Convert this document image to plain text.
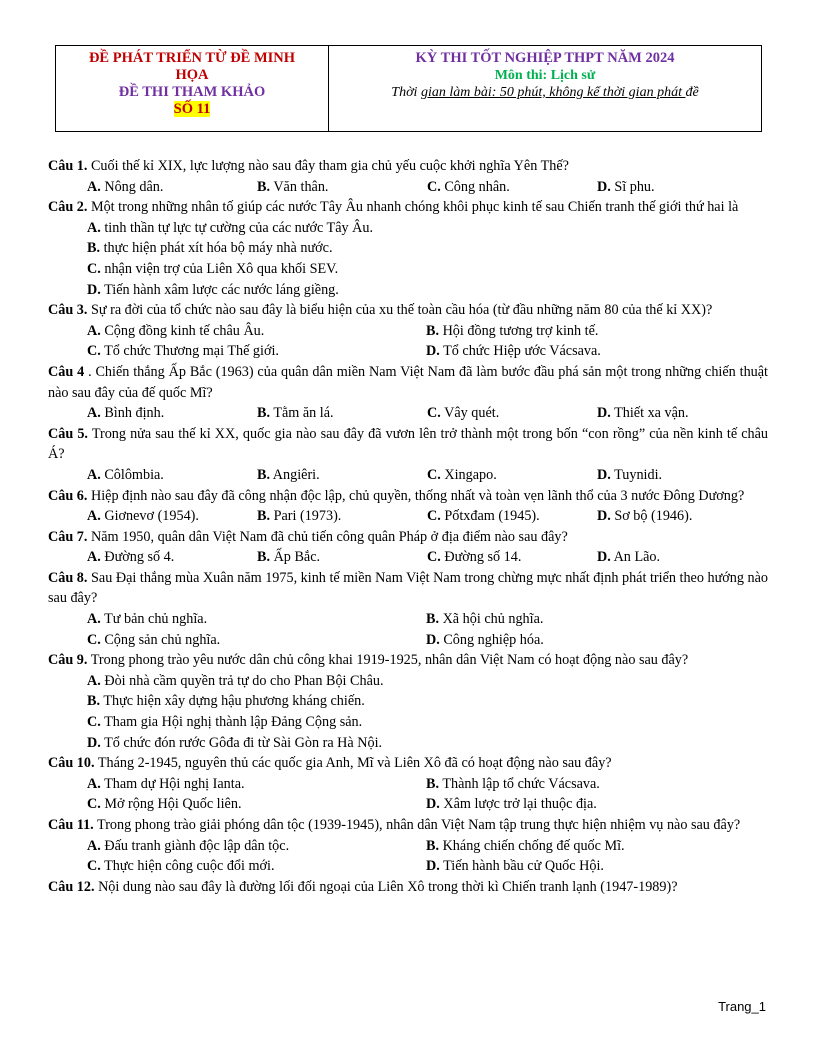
ĐỀ PHÁT TRIỂN TỪ ĐỀ MINH
HỌA
ĐỀ THI THAM KHẢO
SỐ 11
KỲ THI TỐT NGHIỆP THPT NĂM 2024
Môn thi: Lịch sử
Thời gian làm bài: 50 phút, không kể thời gian phát đề
Câu 1. Cuối thế kỉ XIX, lực lượng nào sau đây tham gia chủ yếu cuộc khởi nghĩa Yên Thế?
A. Nông dân.	B. Văn thân.	C. Công nhân.	D. Sĩ phu.
Câu 2. Một trong những nhân tố giúp các nước Tây Âu nhanh chóng khôi phục kinh tế sau Chiến tranh thế giới thứ hai là
A. tinh thần tự lực tự cường của các nước Tây Âu.
B. thực hiện phát xít hóa bộ máy nhà nước.
C. nhận viện trợ của Liên Xô qua khối SEV.
D. Tiến hành xâm lược các nước láng giềng.
Câu 3. Sự ra đời của tổ chức nào sau đây là biểu hiện của xu thế toàn cầu hóa (từ đầu những năm 80 của thế kỉ XX)?
A. Cộng đồng kinh tế châu Âu.	B. Hội đồng tương trợ kinh tế.
C. Tổ chức Thương mại Thế giới.	D. Tổ chức Hiệp ước Vácsava.
Câu 4 . Chiến thắng Ấp Bắc (1963) của quân dân miền Nam Việt Nam đã làm bước đầu phá sản một trong những chiến thuật nào sau đây của đế quốc Mĩ?
A. Bình định.	B. Tằm ăn lá.	C. Vây quét.	D. Thiết xa vận.
Câu 5. Trong nửa sau thế kỉ XX, quốc gia nào sau đây đã vươn lên trở thành một trong bốn “con rồng” của nền kinh tế châu Á?
A. Côlômbia.	B. Angiêri.	C. Xingapo.	D. Tuynidi.
Câu 6. Hiệp định nào sau đây đã công nhận độc lập, chủ quyền, thống nhất và toàn vẹn lãnh thổ của 3 nước Đông Dương?
A. Giơnevơ (1954).	B. Pari (1973).	C. Pốtxđam (1945).	D. Sơ bộ (1946).
Câu 7. Năm 1950, quân dân Việt Nam đã chủ tiến công quân Pháp ở địa điểm nào sau đây?
A. Đường số 4.	B. Ấp Bắc.	C. Đường số 14.	D. An Lão.
Câu 8. Sau Đại thắng mùa Xuân năm 1975, kinh tế miền Nam Việt Nam trong chừng mực nhất định phát triển theo hướng nào sau đây?
A. Tư bản chủ nghĩa.	B. Xã hội chủ nghĩa.
C. Cộng sản chủ nghĩa.	D. Công nghiệp hóa.
Câu 9. Trong phong trào yêu nước dân chủ công khai 1919-1925, nhân dân Việt Nam có hoạt động nào sau đây?
A. Đòi nhà cầm quyền trả tự do cho Phan Bội Châu.
B. Thực hiện xây dựng hậu phương kháng chiến.
C. Tham gia Hội nghị thành lập Đảng Cộng sản.
D. Tổ chức đón rước Gôđa đi từ Sài Gòn ra Hà Nội.
Câu 10. Tháng 2-1945, nguyên thủ các quốc gia Anh, Mĩ và Liên Xô đã có hoạt động nào sau đây?
A. Tham dự Hội nghị Ianta.	B. Thành lập tổ chức Vácsava.
C. Mở rộng Hội Quốc liên.	D. Xâm lược trở lại thuộc địa.
Câu 11. Trong phong trào giải phóng dân tộc (1939-1945), nhân dân Việt Nam tập trung thực hiện nhiệm vụ nào sau đây?
A. Đấu tranh giành độc lập dân tộc.	B. Kháng chiến chống đế quốc Mĩ.
C. Thực hiện công cuộc đổi mới.	D. Tiến hành bầu cử Quốc Hội.
Câu 12. Nội dung nào sau đây là đường lối đối ngoại của Liên Xô trong thời kì Chiến tranh lạnh (1947-1989)?
Trang_1
